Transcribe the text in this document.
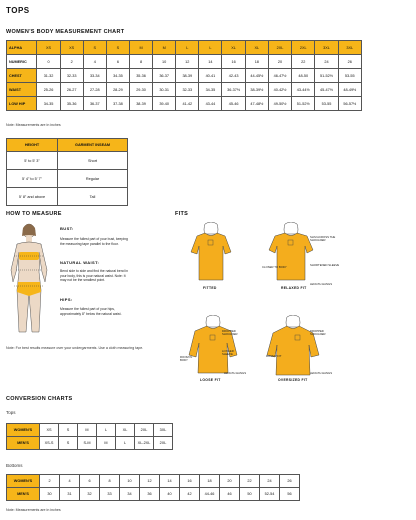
TOPS
WOMEN'S BODY MEASUREMENT CHART
ALPHA	XS	XS	S	S	M	M	L	L	XL	XL	2XL	2XL	3XL	3XL
NUMERIC	0	2	4	6	8	10	12	14	16	18	20	22	24	26
CHEST	31-32	32-33	33-34	34-35	35-36	36-37	38-39	40-41	42-43	44-45½	46-47½	48-50	51-52½	53-55
WAIST	25-26	26-27	27-28	28-29	29-30	30-31	32-33	34-35	36-37½	38-39½	40-42½	43-44½	45-47½	48-49½
LOW HIP	34-35	35-36	36-37	37-38	38-39	39-40	41-42	43-44	45-46	47-48½	49-50½	51-52½	53-55	56-57½
Note: Measurements are in inches
HEIGHT	GARMENT INSEAM
5' to 5' 3"	Short
5' 4" to 5' 7"	Regular
5' 8" and above	Tall
HOW TO MEASURE
BUST:
Measure the fullest part of your bust, keeping the measuring tape parallel to the floor.
NATURAL WAIST:
Bend side to side and find the natural bend in your body, this is your natural waist. Note: It may not be the smallest point.
HIPS:
Measure the fullest part of your hips, approximately 8" below the natural waist.
Note: For best results measure over your undergarments. Use a cloth measuring tape.
FITS
FITTED
SLIM ACROSS THE SHOULDER
CLOSER TO BODY	SHORTENED SLEEVE
LENGTH HANGS
RELAXED FIT
DROPPED SHOULDER
LONGER SLEEVE
ROOM IN BODY
LENGTH HANGS
LOOSE FIT
DROPPED SHOULDER
ROOMY FIT
LENGTH HANGS
OVERSIZED FIT
CONVERSION CHARTS
Tops
WOMEN'S	XS	S	M	L	XL	2XL	3XL
MEN'S	XS-S	S	S-M	M	L	XL-2XL	2XL
Bottoms
WOMEN'S	2	4	6	8	10	12	14	16	18	20	22	24	26
MEN'S	30	31	32	33	34	36	40	42	44-46	46	50	52-54	56
Note: Measurements are in inches
